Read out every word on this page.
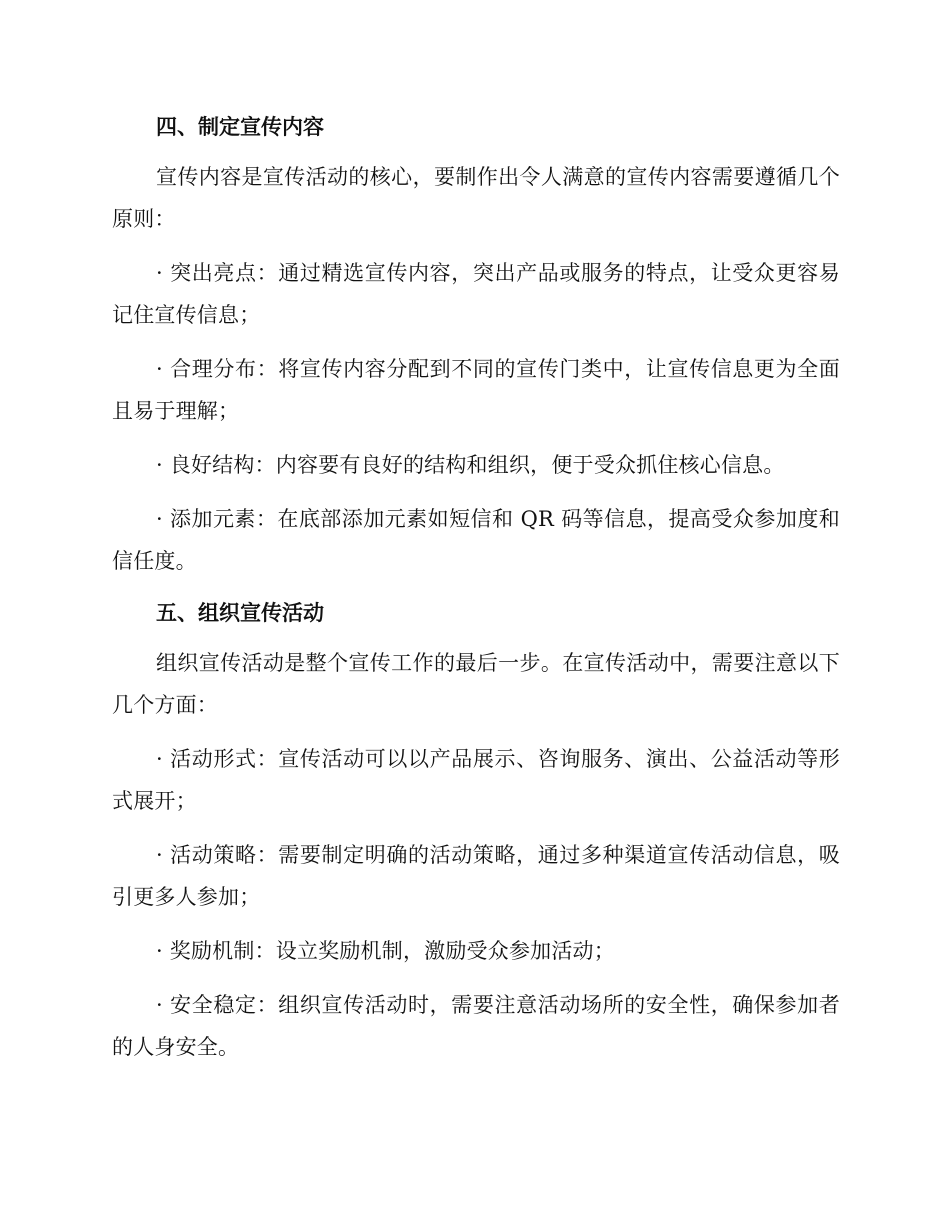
四、制定宣传内容

宣传内容是宣传活动的核心，要制作出令人满意的宣传内容需要遵循几个原则：

· 突出亮点：通过精选宣传内容，突出产品或服务的特点，让受众更容易记住宣传信息；

· 合理分布：将宣传内容分配到不同的宣传门类中，让宣传信息更为全面且易于理解；

· 良好结构：内容要有良好的结构和组织，便于受众抓住核心信息。

· 添加元素：在底部添加元素如短信和 QR 码等信息，提高受众参加度和信任度。

五、组织宣传活动

组织宣传活动是整个宣传工作的最后一步。在宣传活动中，需要注意以下几个方面：

· 活动形式：宣传活动可以以产品展示、咨询服务、演出、公益活动等形式展开；

· 活动策略：需要制定明确的活动策略，通过多种渠道宣传活动信息，吸引更多人参加；

· 奖励机制：设立奖励机制，激励受众参加活动；

· 安全稳定：组织宣传活动时，需要注意活动场所的安全性，确保参加者的人身安全。
